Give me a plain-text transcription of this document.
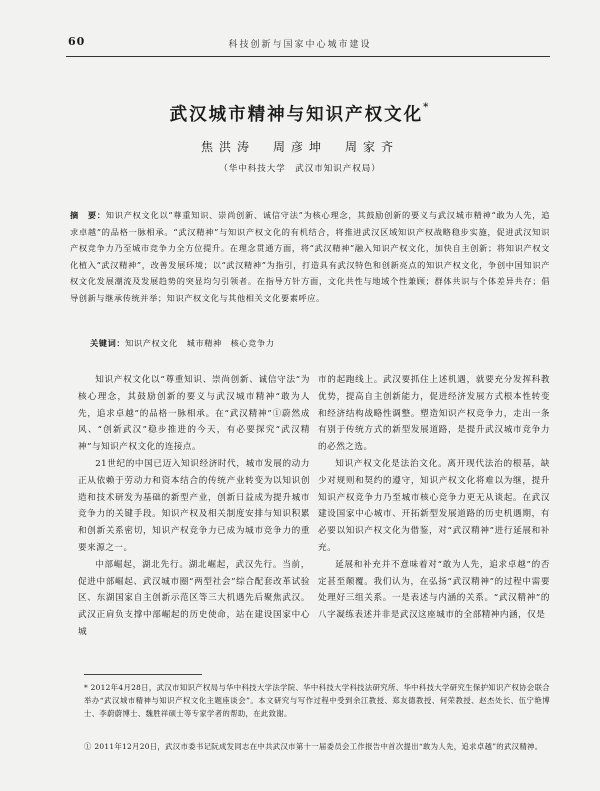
60	科技创新与国家中心城市建设
武汉城市精神与知识产权文化*
焦洪涛　周彦坤　周家齐
（华中科技大学　武汉市知识产权局）
摘　要：知识产权文化以“尊重知识、崇尚创新、诚信守法”为核心理念，其鼓励创新的要义与武汉城市精神“敢为人先，追求卓越”的品格一脉相承。“武汉精神”与知识产权文化的有机结合，将推进武汉区域知识产权战略稳步实施，促进武汉知识产权竞争力乃至城市竞争力全方位提升。在理念贯通方面，将“武汉精神”融入知识产权文化，加快自主创新；将知识产权文化植入“武汉精神”，改善发展环境；以“武汉精神”为指引，打造具有武汉特色和创新亮点的知识产权文化，争创中国知识产权文化发展潮流及发展趋势的突显均匀引领者。在指导方针方面，文化共性与地域个性兼顾；群体共识与个体差异共存；倡导创新与继承传统并举；知识产权文化与其他相关文化要素呼应。
关键词：知识产权文化　城市精神　核心竞争力

知识产权文化以“尊重知识、崇尚创新、诚信守法”为核心理念，其鼓励创新的要义与武汉城市精神“敢为人先，追求卓越”的品格一脉相承。在“武汉精神”①蔚然成风、“创新武汉”稳步推进的今天，有必要探究“武汉精神”与知识产权文化的连接点。

21世纪的中国已迈入知识经济时代，城市发展的动力正从依赖于劳动力和资本结合的传统产业转变为以知识创造和技术研发为基础的新型产业，创新日益成为提升城市竞争力的关键手段。知识产权及相关制度安排与知识积累和创新关系密切，知识产权竞争力已成为城市竞争力的重要来源之一。

中部崛起，湖北先行。湖北崛起，武汉先行。当前，促进中部崛起、武汉城市圈“两型社会”综合配套改革试验区、东湖国家自主创新示范区等三大机遇先后聚焦武汉。武汉正肩负支撑中部崛起的历史使命，站在建设国家中心城

市的起跑线上。武汉要抓住上述机遇，就要充分发挥科教优势，提高自主创新能力，促进经济发展方式根本性转变和经济结构战略性调整。塑造知识产权竞争力，走出一条有别于传统方式的新型发展道路，是提升武汉城市竞争力的必然之选。

知识产权文化是法治文化。离开现代法治的根基，缺少对规则和契约的遵守，知识产权文化将难以为继，提升知识产权竞争力乃至城市核心竞争力更无从谈起。在武汉建设国家中心城市、开拓新型发展道路的历史机遇期，有必要以知识产权文化为借鉴，对“武汉精神”进行延展和补充。

延展和补充并不意味着对“敢为人先，追求卓越”的否定甚至颠覆。我们认为，在弘扬“武汉精神”的过程中需要处理好三组关系。一是表述与内涵的关系。“武汉精神”的八字凝练表述并非是武汉这座城市的全部精神内涵，仅是

* 2012年4月28日，武汉市知识产权局与华中科技大学法学院、华中科技大学科技法研究所、华中科技大学研究生保护知识产权协会联合举办“武汉城市精神与知识产权文化主题座谈会”。本文研究与写作过程中受到余江教授、郑友德教授、何荣教授、赵杰处长、伍宁艳博士、李蔚蔚博士、魏胜祥硕士等专家学者的帮助，在此致谢。
① 2011年12月20日，武汉市委书记阮成发同志在中共武汉市第十一届委员会工作报告中首次提出“敢为人先，追求卓越”的武汉精神。
